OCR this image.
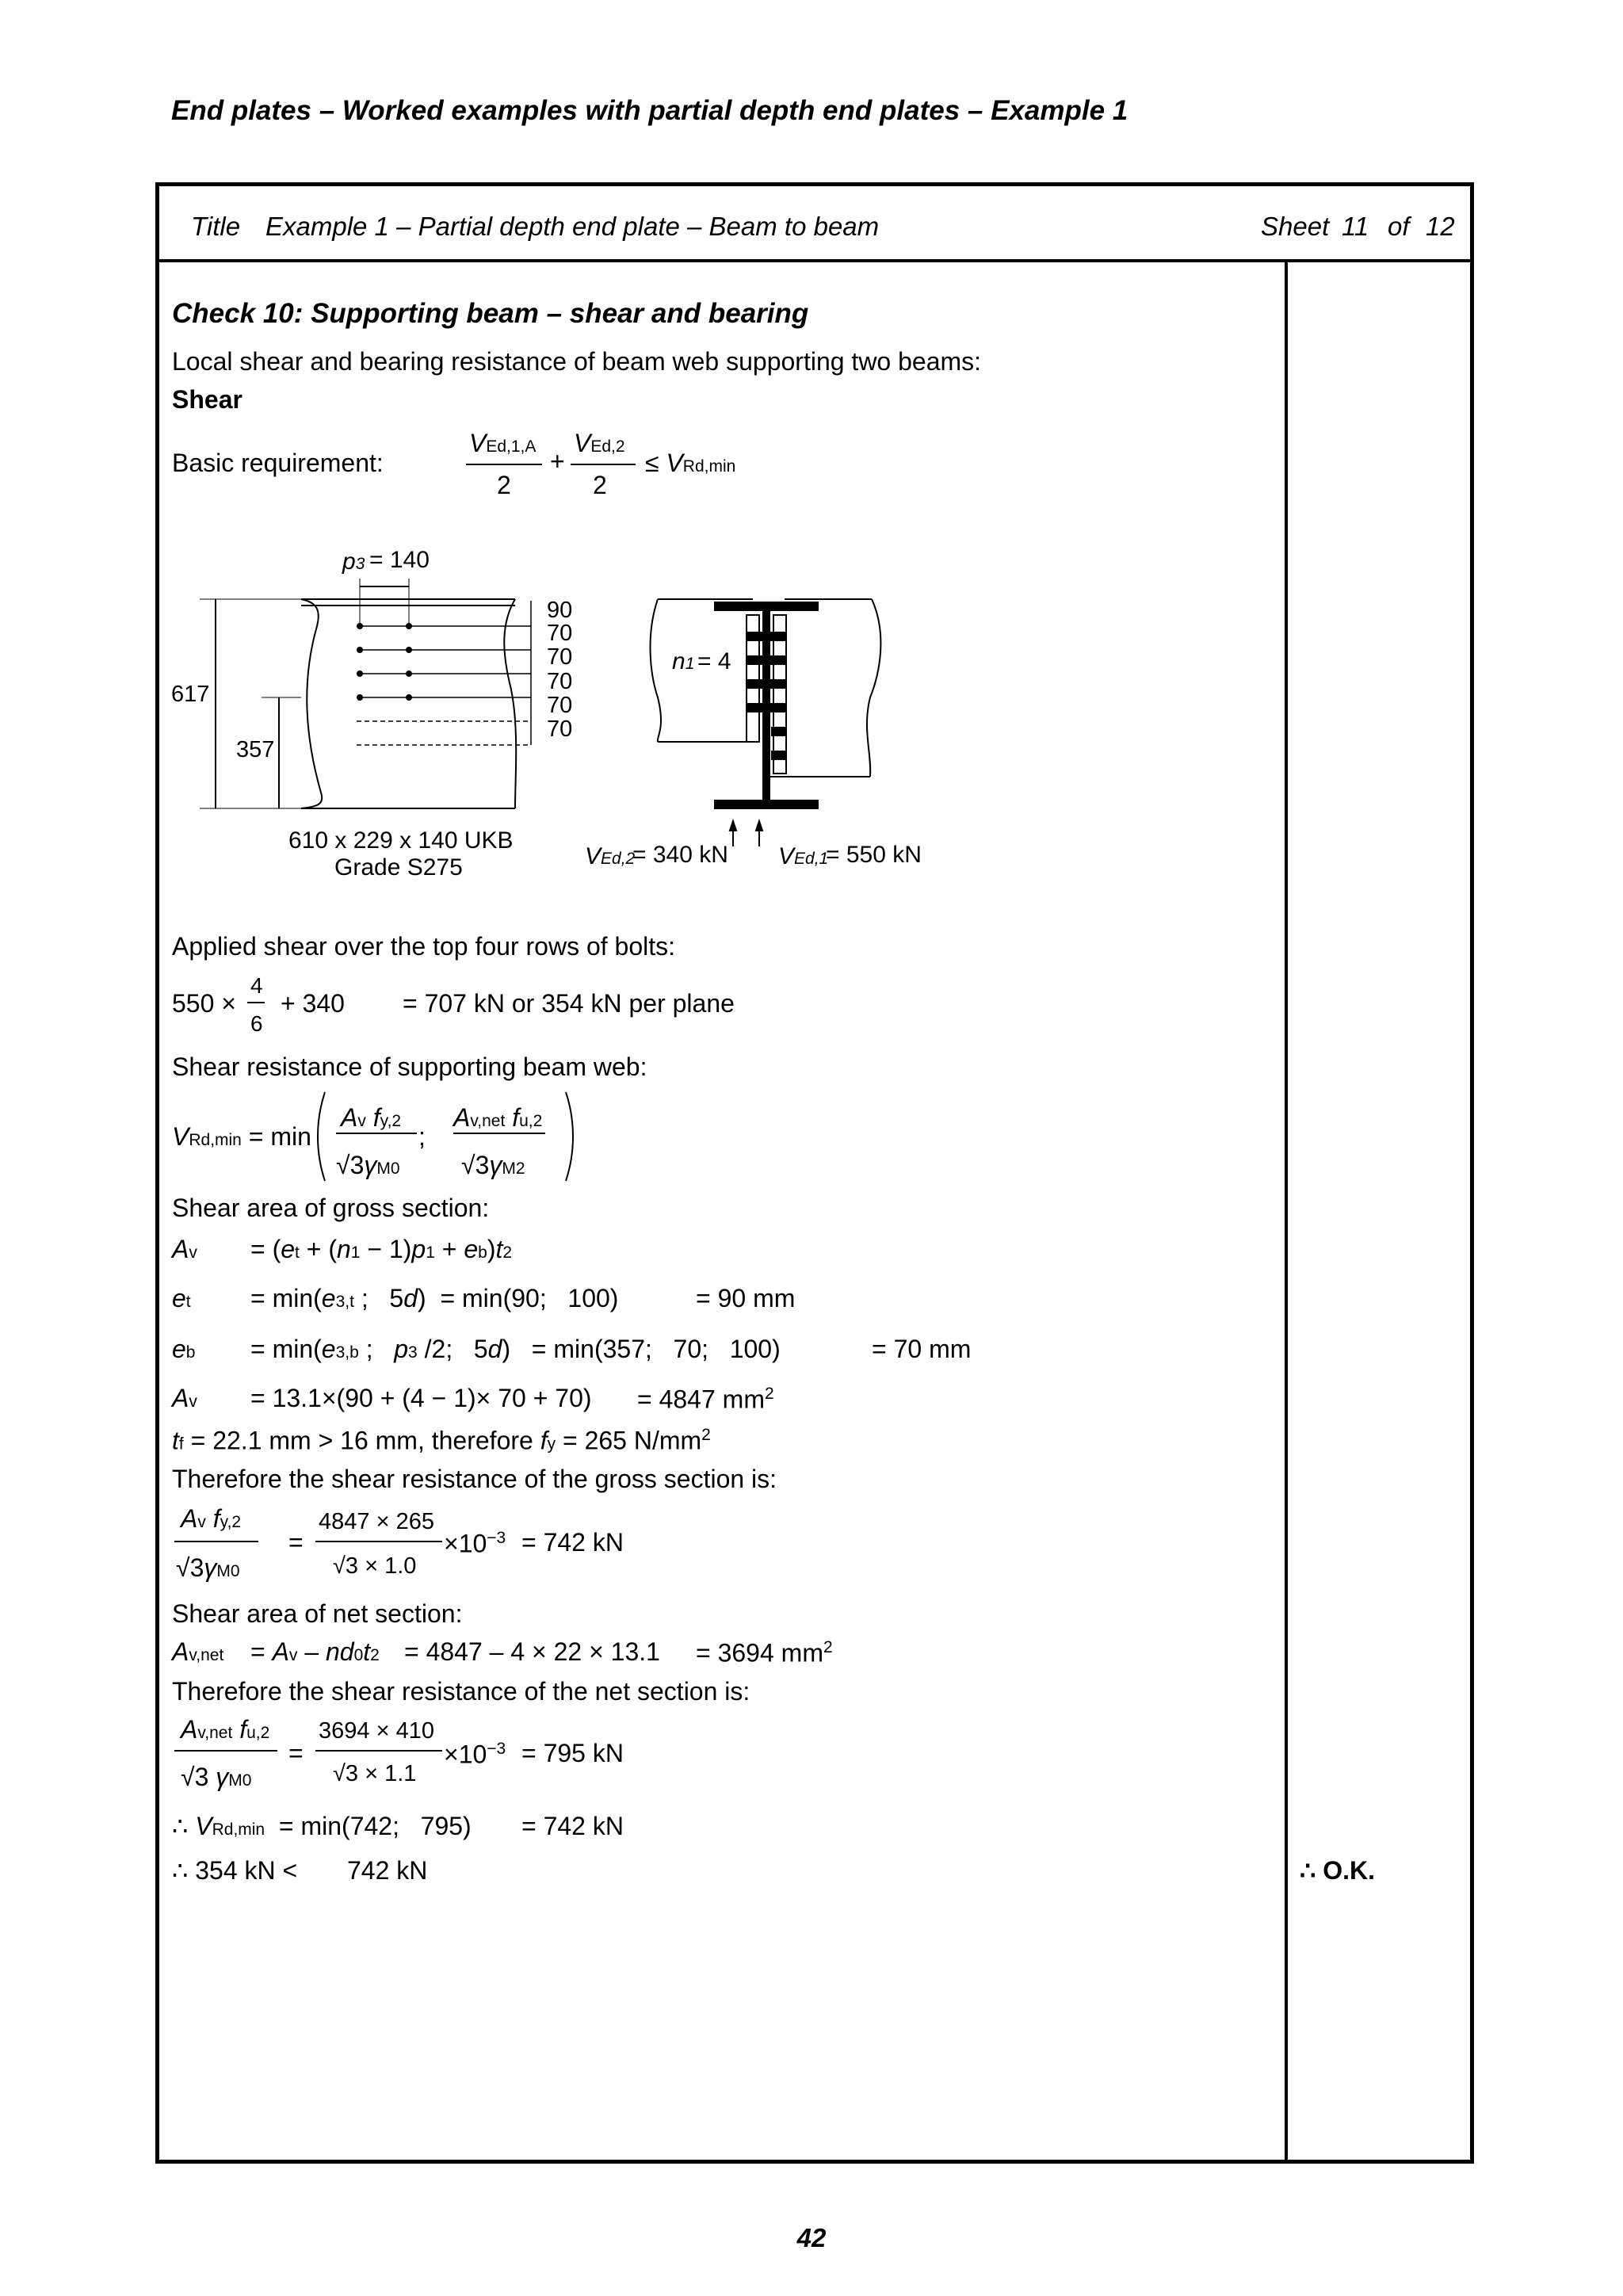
End plates – Worked examples with partial depth end plates – Example 1
Title Example 1 – Partial depth end plate – Beam to beam	Sheet 11 of 12
Check 10: Supporting beam – shear and bearing
Local shear and bearing resistance of beam web supporting two beams:
Shear
Basic requirement:
VEd,1,A
2
+
VEd,2
2
≤ VRd,min
p3 = 140
90
70
70
70
70
70
617
357
610 x 229 x 140 UKB
Grade S275
n1 = 4
VEd,2
= 340 kN VEd,1
= 550 kN
Applied shear over the top four rows of bolts:
550 ×
4
6
+ 340 = 707 kN or 354 kN per plane
Shear resistance of supporting beam web:
VRd,min = min
Av fy,2
√3γM0
;
Av,net fu,2
√3γM2
Shear area of gross section:
Av = (et + (n1 − 1)p1 + eb)t2
et = min(e3,t ;   5d)  = min(90;   100)	= 90 mm
eb = min(e3,b ;   p3 /2;   5d)   = min(357;   70;   100)	= 70 mm
Av = 13.1×(90 + (4 − 1)× 70 + 70) = 4847 $mm^2$
tf = 22.1 mm > 16 mm, therefore fy = 265 $N/mm^2$
Therefore the shear resistance of the gross section is:
Av fy,2
√3γM0
=
4847 × 265
√3 × 1.0
$\times 10^{-3} = 742$ kN
Shear area of net section:
Av,net = Av – nd0t2 = 4847 – 4 × 22 × 13.1 = 3694 $mm^2$
Therefore the shear resistance of the net section is:
Av,net fu,2
√3 γM0
=
3694 × 410
√3 × 1.1
$\times 10^{-3} = 795$ kN
∴ VRd,min  = min(742;   795) = 742 kN
∴ 354 kN < 742 kN	∴ O.K.
42
